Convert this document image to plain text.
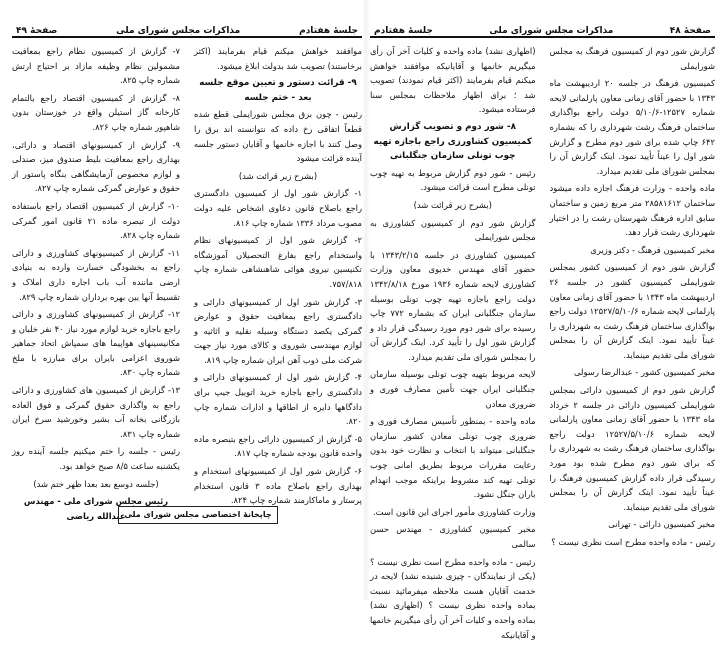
جلسهٔ هفتادم
مذاکرات مجلس شورای ملی
صفحهٔ ۴۹

موافقند خواهش میکنم قیام بفرمایند (اکثر برخاستند) تصویب شد بدولت ابلاغ میشود.

۹- قرائت دستور و تعیین موقع جلسه بعد - ختم جلسه

رئیس - چون برق مجلس شورایملی قطع شده قطعاً اتفاقی رخ داده که نتوانسته اند برق را وصل کنند با اجازه خانمها و آقایان دستور جلسه آینده قرائت میشود

(بشرح زیر قرائت شد)

۱- گزارش شور اول از کمیسیون دادگستری راجع باصلاح قانون دعاوی اشخاص علیه دولت مصوب مرداد ۱۳۳۶ شماره چاپ ۸۱۶.

۲- گزارش شور اول از کمیسیونهای نظام واستخدام راجع بفارغ التحصیلان آموزشگاه تکنیسین نیروی هوائی شاهنشاهی شماره چاپ ۷۵۷/۸۱۸.

۳- گزارش شور اول از کمیسیونهای دارائی و دادگستری راجع بمعافیت حقوق و عوارض گمرکی یکصد دستگاه وسیله نقلیه و اثاثیه و لوازم مهندسی شوروی و کالای مورد نیاز جهت شرکت ملی ذوب آهن ایران شماره چاپ ۸۱۹.

۴- گزارش شور اول از کمیسیونهای دارائی و دادگستری راجع باجازه خرید اتوبیل جیپ برای دادگاهها دایره از اطاقها و ادارات شماره چاپ ۸۲۰.

۵- گزارش از کمیسیون دارائی راجع بتبصره ماده واحده قانون بودجه شماره چاپ ۸۱۷.

۶- گزارش شور اول از کمیسیونهای استخدام و بهداری راجع باصلاح ماده ۳ قانون استخدام پرستار و ماماکارمند شماره چاپ ۸۲۴.

۷- گزارش از کمیسیون نظام راجع بمعافیت مشمولین نظام وظیفه مازاد بر احتیاج ارتش شماره چاپ ۸۲۵.

۸- گزارش از کمیسیون اقتصاد راجع بالتمام کارخانه گاز استیلن واقع در خوزستان بدون شاهپور شماره چاپ ۸۲۶.

۹- گزارش از کمیسیونهای اقتصاد و دارائی، بهداری راجع بمعافیت بلیط صندوق میز، صندلی و لوازم مخصوص آزمایشگاهی بنگاه پاستور از حقوق و عوارض گمرکی شماره چاپ ۸۲۷.

۱۰- گزارش از کمیسیون اقتصاد راجع باستفاده دولت از تبصره ماده ۲۱ قانون امور گمرکی شماره چاپ ۸۲۸.

۱۱- گزارش از کمیسیونهای کشاورزی و دارائی راجع به بخشودگی خسارت وارده به بنیادی ارضی ماننده آب باب اجاره داری املاک و تقسیط آنها بین بهره برداران شماره چاپ ۸۲۹.

۱۲- گزارش از کمیسیونهای کشاورزی و دارائی راجع باجازه خرید لوازم مورد نیاز ۴۰ نفر خلبان و مکانیسینهای هواپیما های سمپاش اتحاد جماهیر شوروی اعزامی بایران برای مبارزه با ملخ شماره چاپ ۸۳۰.

۱۳- گزارش از کمیسیون های کشاورزی و دارائی راجع به واگذاری حقوق گمرکی و فوق العاده بازرگانی بخانه آب بشیر وخورشید سرخ ایران شماره چاپ ۸۳۱.

رئیس - جلسه را ختم میکنیم جلسه آینده روز یکشنبه ساعت ۸/۵ صبح خواهد بود.

(جلسه دوسع بعد بعدا ظهر ختم شد)

رئیس مجلس شورای ملی - مهندس عبدالله ریاضی

چاپخانهٔ اختصاصی مجلس شورای ملی
صفحهٔ ۴۸
مذاکرات مجلس شورای ملی
جلسهٔ هفتادم

گزارش شور دوم از کمیسیون فرهنگ به مجلس شورایملی

کمیسیون فرهنگ در جلسه ۲۰ اردیبهشت ماه ۱۳۴۳ با حضور آقای زمانی معاون پارلمانی لایحه شماره ۱۲۵۲۷-۵/۱۰/۶ دولت راجع بواگذاری ساختمان فرهنگ رشت شهرداری را که بشماره ۶۴۲ چاپ شده برای شور دوم مطرح و گزارش شور اول را عیناً تأیید نمود. اینک گزارش آن را بمجلس شورای ملی تقدیم میدارد.

ماده واحده - وزارت فرهنگ اجازه داده میشود ساختمان ۲۸۵۸۱۶۱۲ متر مربع زمین و ساختمان سابق اداره فرهنگ شهرستان رشت را در اختیار شهرداری رشت قرار دهد.

مخبر کمیسیون فرهنگ - دکتر وزیری

گزارش شور دوم از کمیسیون کشور بمجلس شورایملی کمیسیون کشور در جلسه ۲۶ اردیبهشت ماه ۱۳۴۳ با حضور آقای زمانی معاون پارلمانی لایحه شماره ۱۲۵۲۷/۵/۱۰/۶ دولت راجع بواگذاری ساختمان فرهنگ رشت به شهرداری را عیناً تأیید نمود. اینک گزارش آن را بمجلس شورای ملی تقدیم مینماید.

مخبر کمیسیون کشور - عبدالرضا رسولی

گزارش شور دوم از کمیسیون دارائی بمجلس شورایملی کمیسیون دارائی در جلسه ۲ خرداد ماه ۱۳۴۳ با حضور آقای زمانی معاون پارلمانی لایحه شماره ۱۲۵۲۷/۵/۱۰/۶ دولت راجع بواگذاری ساختمان فرهنگ رشت به شهرداری را که برای شور دوم مطرح شده بود مورد رسیدگی قرار داده گزارش کمیسیون فرهنگ را عیناً تأیید نمود. اینک گزارش آن را بمجلس شورای ملی تقدیم مینماید.

مخبر کمیسیون دارائی - تهرانی

رئیس - ماده واحده مطرح است نظری نیست ؟

(اظهاری نشد) ماده واحده و کلیات آخر آن رأی میگیریم خانمها و آقایانیکه موافقند خواهش میکنم قیام بفرمایند (اکثر قیام نمودند) تصویب شد ؛ برای اظهار ملاحظات بمجلس سنا فرستاده میشود.

۸- شور دوم و تصویب گزارش کمیسیون کشاورزی راجع باجازه تهیه چوب تونلی سازمان جنگلبانی

رئیس - شور دوم گزارش مربوط به تهیه چوب تونلی مطرح است قرائت میشود.

(بشرح زیر قرائت شد)

گزارش شور دوم از کمیسیون کشاورزی به مجلس شورایملی

کمیسیون کشاورزی در جلسه ۱۳۴۳/۲/۱۵ با حضور آقای مهندس خدیوی معاون وزارت کشاورزی لایحه شماره ۱۹۳۶ مورخ ۱۳۴۲/۸/۱۸ دولت راجع باجازه تهیه چوب تونلی بوسیله سازمان جنگلبانی ایران که بشماره ۷۷۲ چاپ رسیده برای شور دوم مورد رسیدگی قرار داد و گزارش شور اول را تأیید کرد. اینک گزارش آن را بمجلس شورای ملی تقدیم میدارد.

لایحه مربوط بتهیه چوب تونلی بوسیله سازمان جنگلبانی ایران جهت تأمین مصارف فوری و ضروری معادن

ماده واحده - بمنظور تأسیس مصارف فوری و ضروری چوب تونلی معادن کشور سازمان جنگلبانی میتواند با انتخاب و نظارت خود بدون رعایت مقررات مربوط بطریق امانی چوب تونلی تهیه کند مشروط براینکه موجب انهدام باران جنگل نشود.

وزارت کشاورزی مأمور اجرای این قانون است.

مخبر کمیسیون کشاورزی - مهندس حسن سالمی

رئیس - ماده واحده مطرح است نظری نیست ؟ (یکی از نمایندگان - چیزی شنیده نشد) لایحه در خدمت آقایان هست ملاحظه میفرمائید نسبت بماده واحده نظری نیست ؟ (اظهاری نشد) بماده واحده و کلیات آخر آن رأی میگیریم خانمها و آقایانیکه
